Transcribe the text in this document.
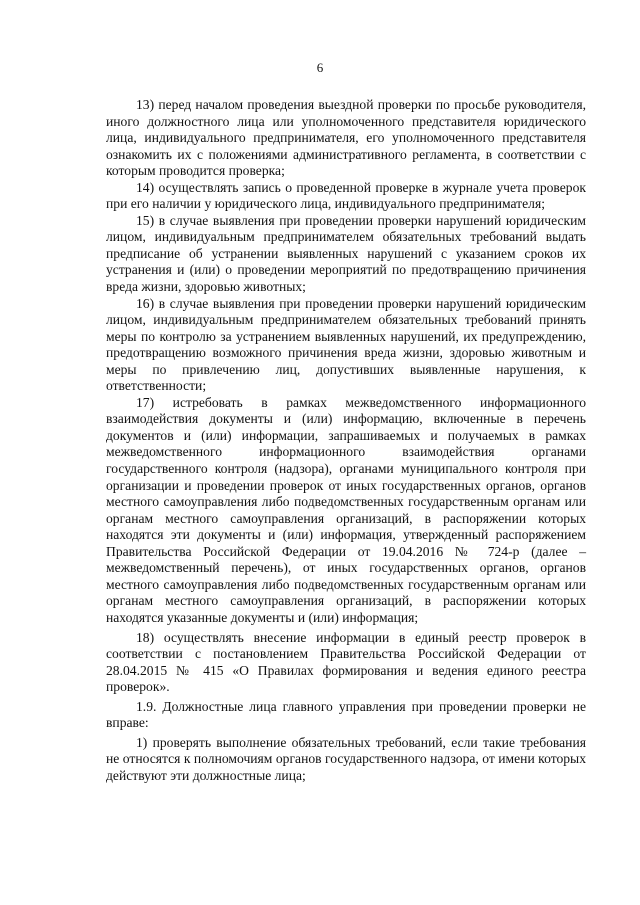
6

13) перед началом проведения выездной проверки по просьбе руководителя, иного должностного лица или уполномоченного представителя юридического лица, индивидуального предпринимателя, его уполномоченного представителя ознакомить их с положениями административного регламента, в соответствии с которым проводится проверка;

14) осуществлять запись о проведенной проверке в журнале учета проверок при его наличии у юридического лица, индивидуального предпринимателя;

15) в случае выявления при проведении проверки нарушений юридическим лицом, индивидуальным предпринимателем обязательных требований выдать предписание об устранении выявленных нарушений с указанием сроков их устранения и (или) о проведении мероприятий по предотвращению причинения вреда жизни, здоровью животных;

16) в случае выявления при проведении проверки нарушений юридическим лицом, индивидуальным предпринимателем обязательных требований принять меры по контролю за устранением выявленных нарушений, их предупреждению, предотвращению возможного причинения вреда жизни, здоровью животным и меры по привлечению лиц, допустивших выявленные нарушения, к ответственности;

17) истребовать в рамках межведомственного информационного взаимодействия документы и (или) информацию, включенные в перечень документов и (или) информации, запрашиваемых и получаемых в рамках межведомственного информационного взаимодействия органами государственного контроля (надзора), органами муниципального контроля при организации и проведении проверок от иных государственных органов, органов местного самоуправления либо подведомственных государственным органам или органам местного самоуправления организаций, в распоряжении которых находятся эти документы и (или) информация, утвержденный распоряжением Правительства Российской Федерации от 19.04.2016 № 724-р (далее – межведомственный перечень), от иных государственных органов, органов местного самоуправления либо подведомственных государственным органам или органам местного самоуправления организаций, в распоряжении которых находятся указанные документы и (или) информация;

18) осуществлять внесение информации в единый реестр проверок в соответствии с постановлением Правительства Российской Федерации от 28.04.2015 № 415 «О Правилах формирования и ведения единого реестра проверок».

1.9. Должностные лица главного управления при проведении проверки не вправе:

1) проверять выполнение обязательных требований, если такие требования не относятся к полномочиям органов государственного надзора, от имени которых действуют эти должностные лица;
